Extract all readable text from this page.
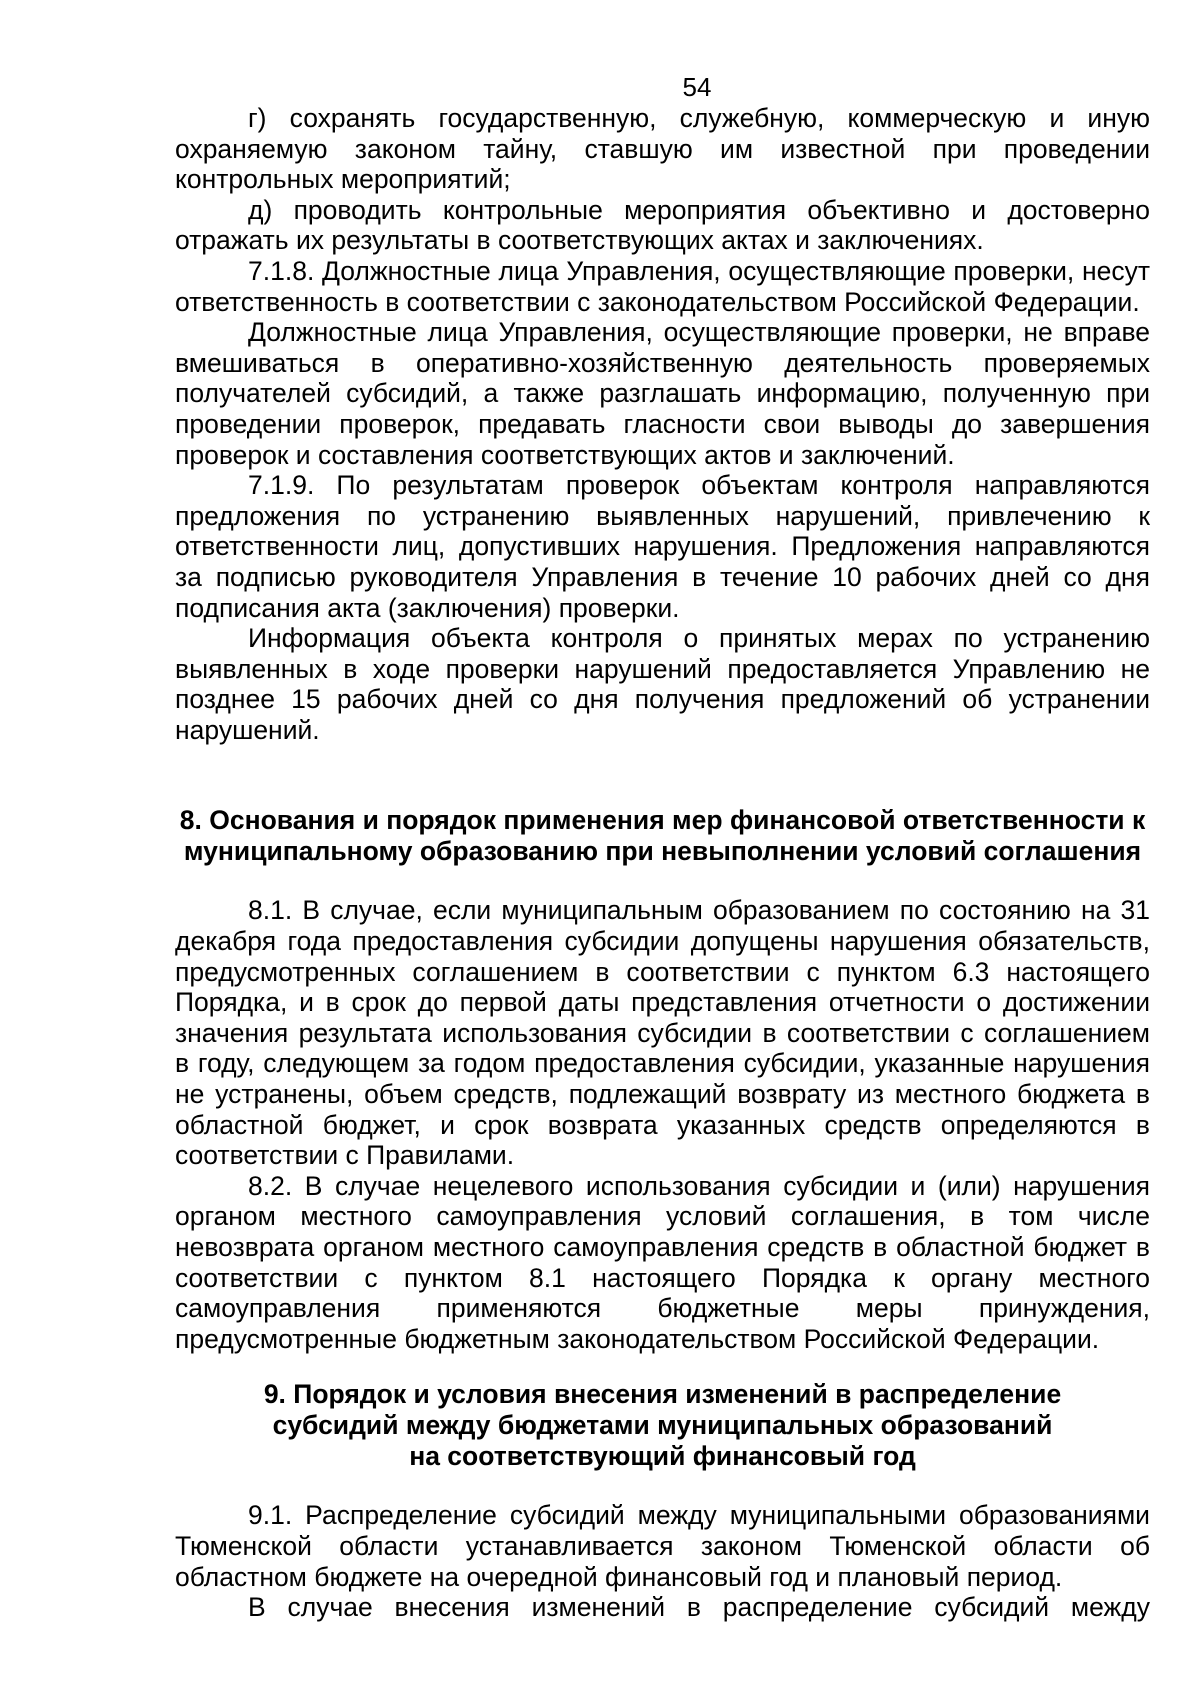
54

г) сохранять государственную, служебную, коммерческую и иную охраняемую законом тайну, ставшую им известной при проведении контрольных мероприятий;

д) проводить контрольные мероприятия объективно и достоверно отражать их результаты в соответствующих актах и заключениях.

7.1.8. Должностные лица Управления, осуществляющие проверки, несут ответственность в соответствии с законодательством Российской Федерации.

Должностные лица Управления, осуществляющие проверки, не вправе вмешиваться в оперативно-хозяйственную деятельность проверяемых получателей субсидий, а также разглашать информацию, полученную при проведении проверок, предавать гласности свои выводы до завершения проверок и составления соответствующих актов и заключений.

7.1.9. По результатам проверок объектам контроля направляются предложения по устранению выявленных нарушений, привлечению к ответственности лиц, допустивших нарушения. Предложения направляются за подписью руководителя Управления в течение 10 рабочих дней со дня подписания акта (заключения) проверки.

Информация объекта контроля о принятых мерах по устранению выявленных в ходе проверки нарушений предоставляется Управлению не позднее 15 рабочих дней со дня получения предложений об устранении нарушений.

8. Основания и порядок применения мер финансовой ответственности к

муниципальному образованию при невыполнении условий соглашения

8.1. В случае, если муниципальным образованием по состоянию на 31 декабря года предоставления субсидии допущены нарушения обязательств, предусмотренных соглашением в соответствии с пунктом 6.3 настоящего Порядка, и в срок до первой даты представления отчетности о достижении значения результата использования субсидии в соответствии с соглашением в году, следующем за годом предоставления субсидии, указанные нарушения не устранены, объем средств, подлежащий возврату из местного бюджета в областной бюджет, и срок возврата указанных средств определяются в соответствии с Правилами.

8.2. В случае нецелевого использования субсидии и (или) нарушения органом местного самоуправления условий соглашения, в том числе невозврата органом местного самоуправления средств в областной бюджет в соответствии с пунктом 8.1 настоящего Порядка к органу местного самоуправления применяются бюджетные меры принуждения, предусмотренные бюджетным законодательством Российской Федерации.

9. Порядок и условия внесения изменений в распределение

субсидий между бюджетами муниципальных образований

на соответствующий финансовый год

9.1. Распределение субсидий между муниципальными образованиями Тюменской области устанавливается законом Тюменской области об областном бюджете на очередной финансовый год и плановый период.

В случае внесения изменений в распределение субсидий между
